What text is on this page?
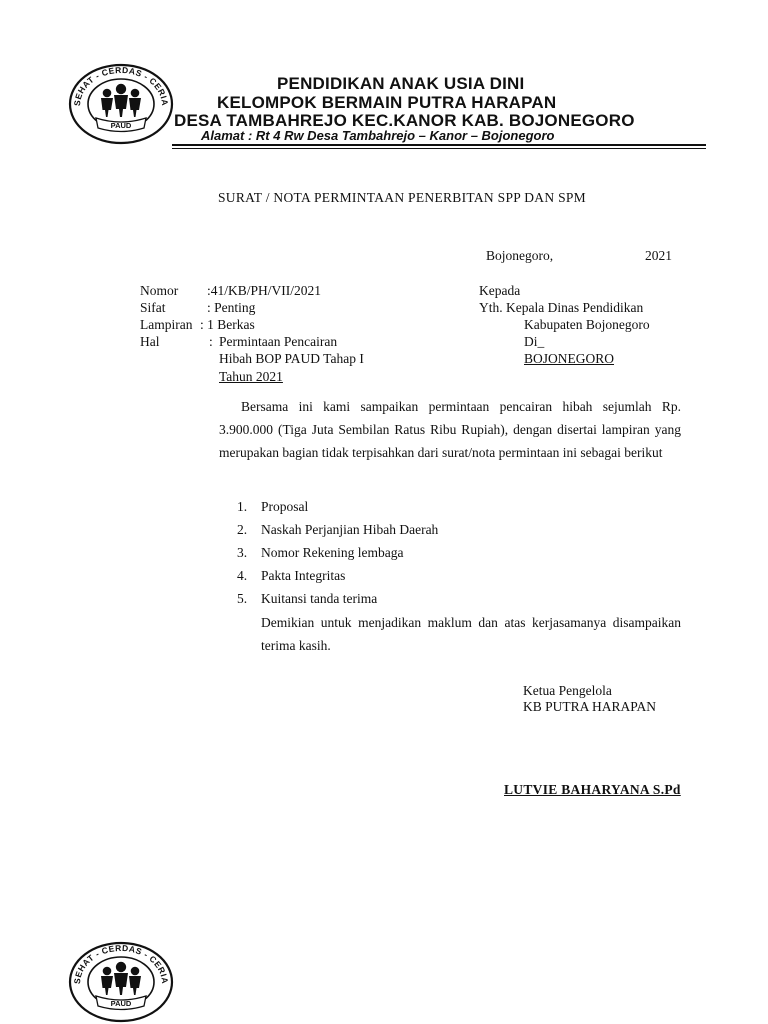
SEHAT - CERDAS - CERIA
PAUD
PENDIDIKAN ANAK USIA DINI
KELOMPOK BERMAIN PUTRA HARAPAN
DESA TAMBAHREJO KEC.KANOR KAB. BOJONEGORO
Alamat : Rt 4 Rw Desa Tambahrejo – Kanor – Bojonegoro
SURAT / NOTA PERMINTAAN PENERBITAN SPP DAN SPM
Bojonegoro,	2021
Nomor :41/KB/PH/VII/2021
Sifat	: Penting
Lampiran : 1 Berkas
Hal	: Permintaan Pencairan
Hibah BOP PAUD Tahap I
Tahun 2021
Kepada
Yth. Kepala Dinas Pendidikan
Kabupaten Bojonegoro
Di_
BOJONEGORO
Bersama ini kami sampaikan permintaan pencairan hibah sejumlah Rp. 3.900.000 (Tiga Juta Sembilan Ratus Ribu Rupiah), dengan disertai lampiran yang merupakan bagian tidak terpisahkan dari surat/nota permintaan ini sebagai berikut
1. Proposal
2. Naskah Perjanjian Hibah Daerah
3. Nomor Rekening lembaga
4. Pakta Integritas
5. Kuitansi tanda terima
Demikian untuk menjadikan maklum dan atas kerjasamanya disampaikan terima kasih.
Ketua Pengelola
KB PUTRA HARAPAN
LUTVIE BAHARYANA S.Pd
SEHAT - CERDAS - CERIA
PAUD
